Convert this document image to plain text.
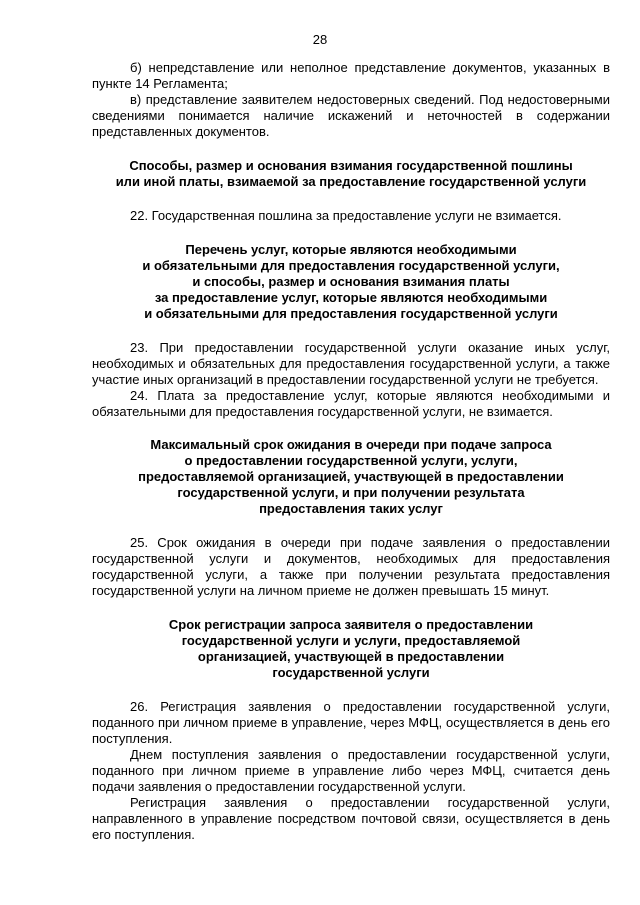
28

б) непредставление или неполное представление документов, указанных в пункте 14 Регламента;

в) представление заявителем недостоверных сведений. Под недостоверными сведениями понимается наличие искажений и неточностей в содержании представленных документов.

Способы, размер и основания взимания государственной пошлины
или иной платы, взимаемой за предоставление государственной услуги

22. Государственная пошлина за предоставление услуги не взимается.

Перечень услуг, которые являются необходимыми
и обязательными для предоставления государственной услуги,
и способы, размер и основания взимания платы
за предоставление услуг, которые являются необходимыми
и обязательными для предоставления государственной услуги

23. При предоставлении государственной услуги оказание иных услуг, необходимых и обязательных для предоставления государственной услуги, а также участие иных организаций в предоставлении государственной услуги не требуется.

24. Плата за предоставление услуг, которые являются необходимыми и обязательными для предоставления государственной услуги, не взимается.

Максимальный срок ожидания в очереди при подаче запроса
о предоставлении государственной услуги, услуги,
предоставляемой организацией, участвующей в предоставлении
государственной услуги, и при получении результата
предоставления таких услуг

25. Срок ожидания в очереди при подаче заявления о предоставлении государственной услуги и документов, необходимых для предоставления государственной услуги, а также при получении результата предоставления государственной услуги на личном приеме не должен превышать 15 минут.

Срок регистрации запроса заявителя о предоставлении
государственной услуги и услуги, предоставляемой
организацией, участвующей в предоставлении
государственной услуги

26. Регистрация заявления о предоставлении государственной услуги, поданного при личном приеме в управление, через МФЦ, осуществляется в день его поступления.

Днем поступления заявления о предоставлении государственной услуги, поданного при личном приеме в управление либо через МФЦ, считается день подачи заявления о предоставлении государственной услуги.

Регистрация заявления о предоставлении государственной услуги, направленного в управление посредством почтовой связи, осуществляется в день его поступления.
